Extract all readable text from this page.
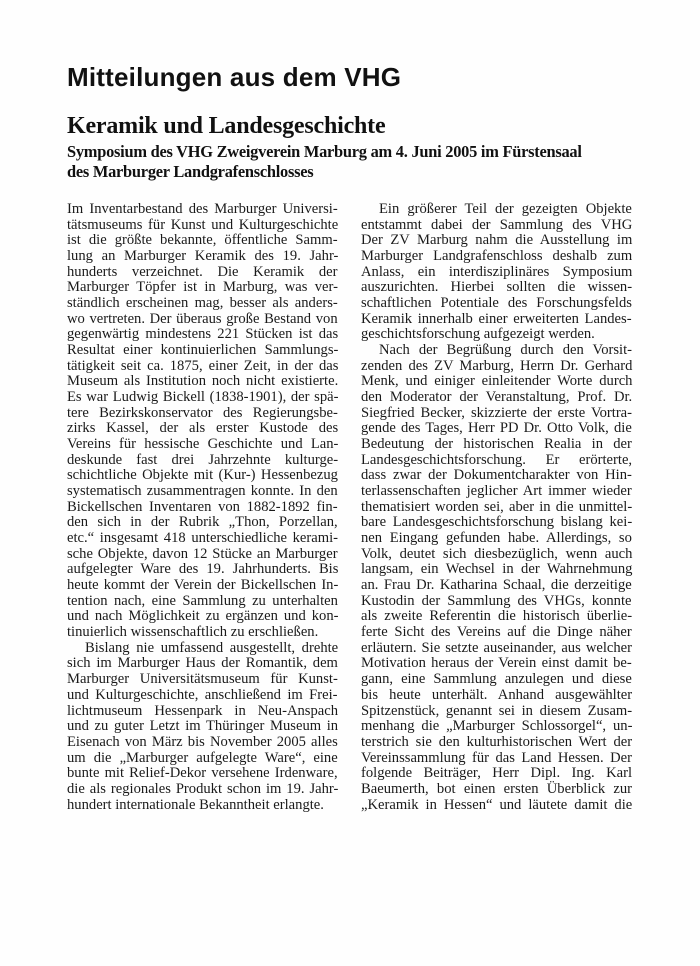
Mitteilungen aus dem VHG
Keramik und Landesgeschichte
Symposium des VHG Zweigverein Marburg am 4. Juni 2005 im Fürstensaal
des Marburger Landgrafenschlosses
Im Inventarbestand des Marburger Universi-
tätsmuseums für Kunst und Kulturgeschichte
ist die größte bekannte, öffentliche Samm-
lung an Marburger Keramik des 19. Jahr-
hunderts verzeichnet. Die Keramik der
Marburger Töpfer ist in Marburg, was ver-
ständlich erscheinen mag, besser als anders-
wo vertreten. Der überaus große Bestand von
gegenwärtig mindestens 221 Stücken ist das
Resultat einer kontinuierlichen Sammlungs-
tätigkeit seit ca. 1875, einer Zeit, in der das
Museum als Institution noch nicht existierte.
Es war Ludwig Bickell (1838-1901), der spä-
tere Bezirkskonservator des Regierungsbe-
zirks Kassel, der als erster Kustode des
Vereins für hessische Geschichte und Lan-
deskunde fast drei Jahrzehnte kulturge-
schichtliche Objekte mit (Kur-) Hessenbezug
systematisch zusammentragen konnte. In den
Bickellschen Inventaren von 1882-1892 fin-
den sich in der Rubrik „Thon, Porzellan,
etc.“ insgesamt 418 unterschiedliche kerami-
sche Objekte, davon 12 Stücke an Marburger
aufgelegter Ware des 19. Jahrhunderts. Bis
heute kommt der Verein der Bickellschen In-
tention nach, eine Sammlung zu unterhalten
und nach Möglichkeit zu ergänzen und kon-
tinuierlich wissenschaftlich zu erschließen.
Bislang nie umfassend ausgestellt, drehte
sich im Marburger Haus der Romantik, dem
Marburger Universitätsmuseum für Kunst-
und Kulturgeschichte, anschließend im Frei-
lichtmuseum Hessenpark in Neu-Anspach
und zu guter Letzt im Thüringer Museum in
Eisenach von März bis November 2005 alles
um die „Marburger aufgelegte Ware“, eine
bunte mit Relief-Dekor versehene Irdenware,
die als regionales Produkt schon im 19. Jahr-
hundert internationale Bekanntheit erlangte.
Ein größerer Teil der gezeigten Objekte
entstammt dabei der Sammlung des VHG
Der ZV Marburg nahm die Ausstellung im
Marburger Landgrafenschloss deshalb zum
Anlass, ein interdisziplinäres Symposium
auszurichten. Hierbei sollten die wissen-
schaftlichen Potentiale des Forschungsfelds
Keramik innerhalb einer erweiterten Landes-
geschichtsforschung aufgezeigt werden.
Nach der Begrüßung durch den Vorsit-
zenden des ZV Marburg, Herrn Dr. Gerhard
Menk, und einiger einleitender Worte durch
den Moderator der Veranstaltung, Prof. Dr.
Siegfried Becker, skizzierte der erste Vortra-
gende des Tages, Herr PD Dr. Otto Volk, die
Bedeutung der historischen Realia in der
Landesgeschichtsforschung. Er erörterte,
dass zwar der Dokumentcharakter von Hin-
terlassenschaften jeglicher Art immer wieder
thematisiert worden sei, aber in die unmittel-
bare Landesgeschichtsforschung bislang kei-
nen Eingang gefunden habe. Allerdings, so
Volk, deutet sich diesbezüglich, wenn auch
langsam, ein Wechsel in der Wahrnehmung
an. Frau Dr. Katharina Schaal, die derzeitige
Kustodin der Sammlung des VHGs, konnte
als zweite Referentin die historisch überlie-
ferte Sicht des Vereins auf die Dinge näher
erläutern. Sie setzte auseinander, aus welcher
Motivation heraus der Verein einst damit be-
gann, eine Sammlung anzulegen und diese
bis heute unterhält. Anhand ausgewählter
Spitzenstück, genannt sei in diesem Zusam-
menhang die „Marburger Schlossorgel“, un-
terstrich sie den kulturhistorischen Wert der
Vereinssammlung für das Land Hessen. Der
folgende Beiträger, Herr Dipl. Ing. Karl
Baeumerth, bot einen ersten Überblick zur
„Keramik in Hessen“ und läutete damit die
